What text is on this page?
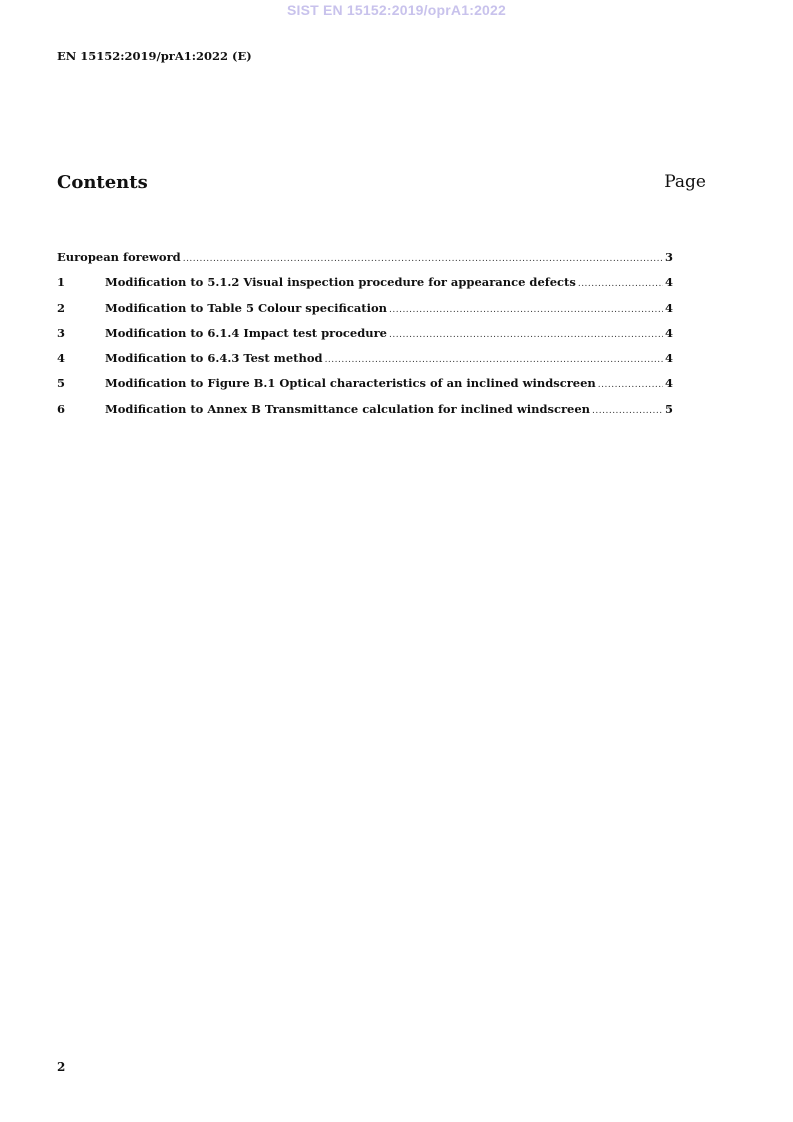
SIST EN 15152:2019/oprA1:2022
EN 15152:2019/prA1:2022 (E)
Contents	Page
European foreword .....	3
1	Modification to 5.1.2 Visual inspection procedure for appearance defects .....	4
2	Modification to Table 5 Colour specification .....	4
3	Modification to 6.1.4 Impact test procedure .....	4
4	Modification to 6.4.3 Test method .....	4
5	Modification to Figure B.1 Optical characteristics of an inclined windscreen .....	4
6	Modification to Annex B Transmittance calculation for inclined windscreen .....	5
2
